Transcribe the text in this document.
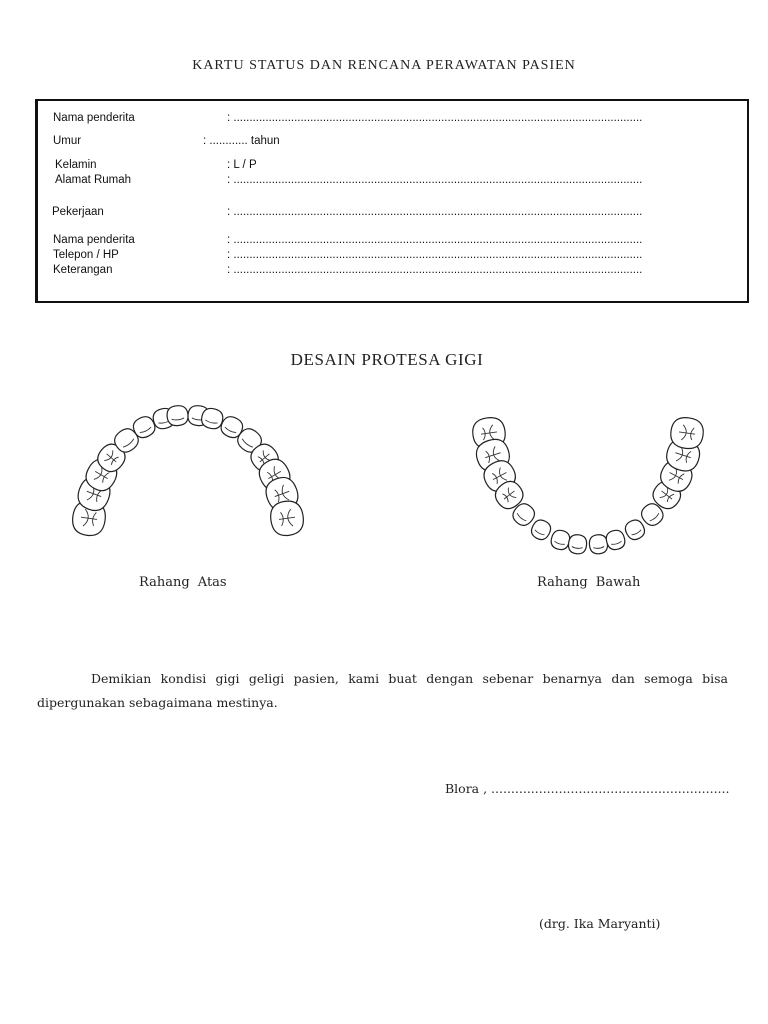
KARTU STATUS DAN RENCANA PERAWATAN PASIEN
Nama penderita	: ................................................................................................................................
Umur	: ............ tahun
Kelamin	: L / P
Alamat Rumah	: ................................................................................................................................
Pekerjaan	: ................................................................................................................................
Nama penderita	: ................................................................................................................................
Telepon / HP	: ................................................................................................................................
Keterangan	: ................................................................................................................................
DESAIN PROTESA GIGI
Rahang Atas	Rahang Bawah
Demikian kondisi gigi geligi pasien, kami buat dengan sebenar benarnya dan semoga bisa dipergunakan sebagaimana mestinya.
Blora , ............................................................
(drg. Ika Maryanti)
